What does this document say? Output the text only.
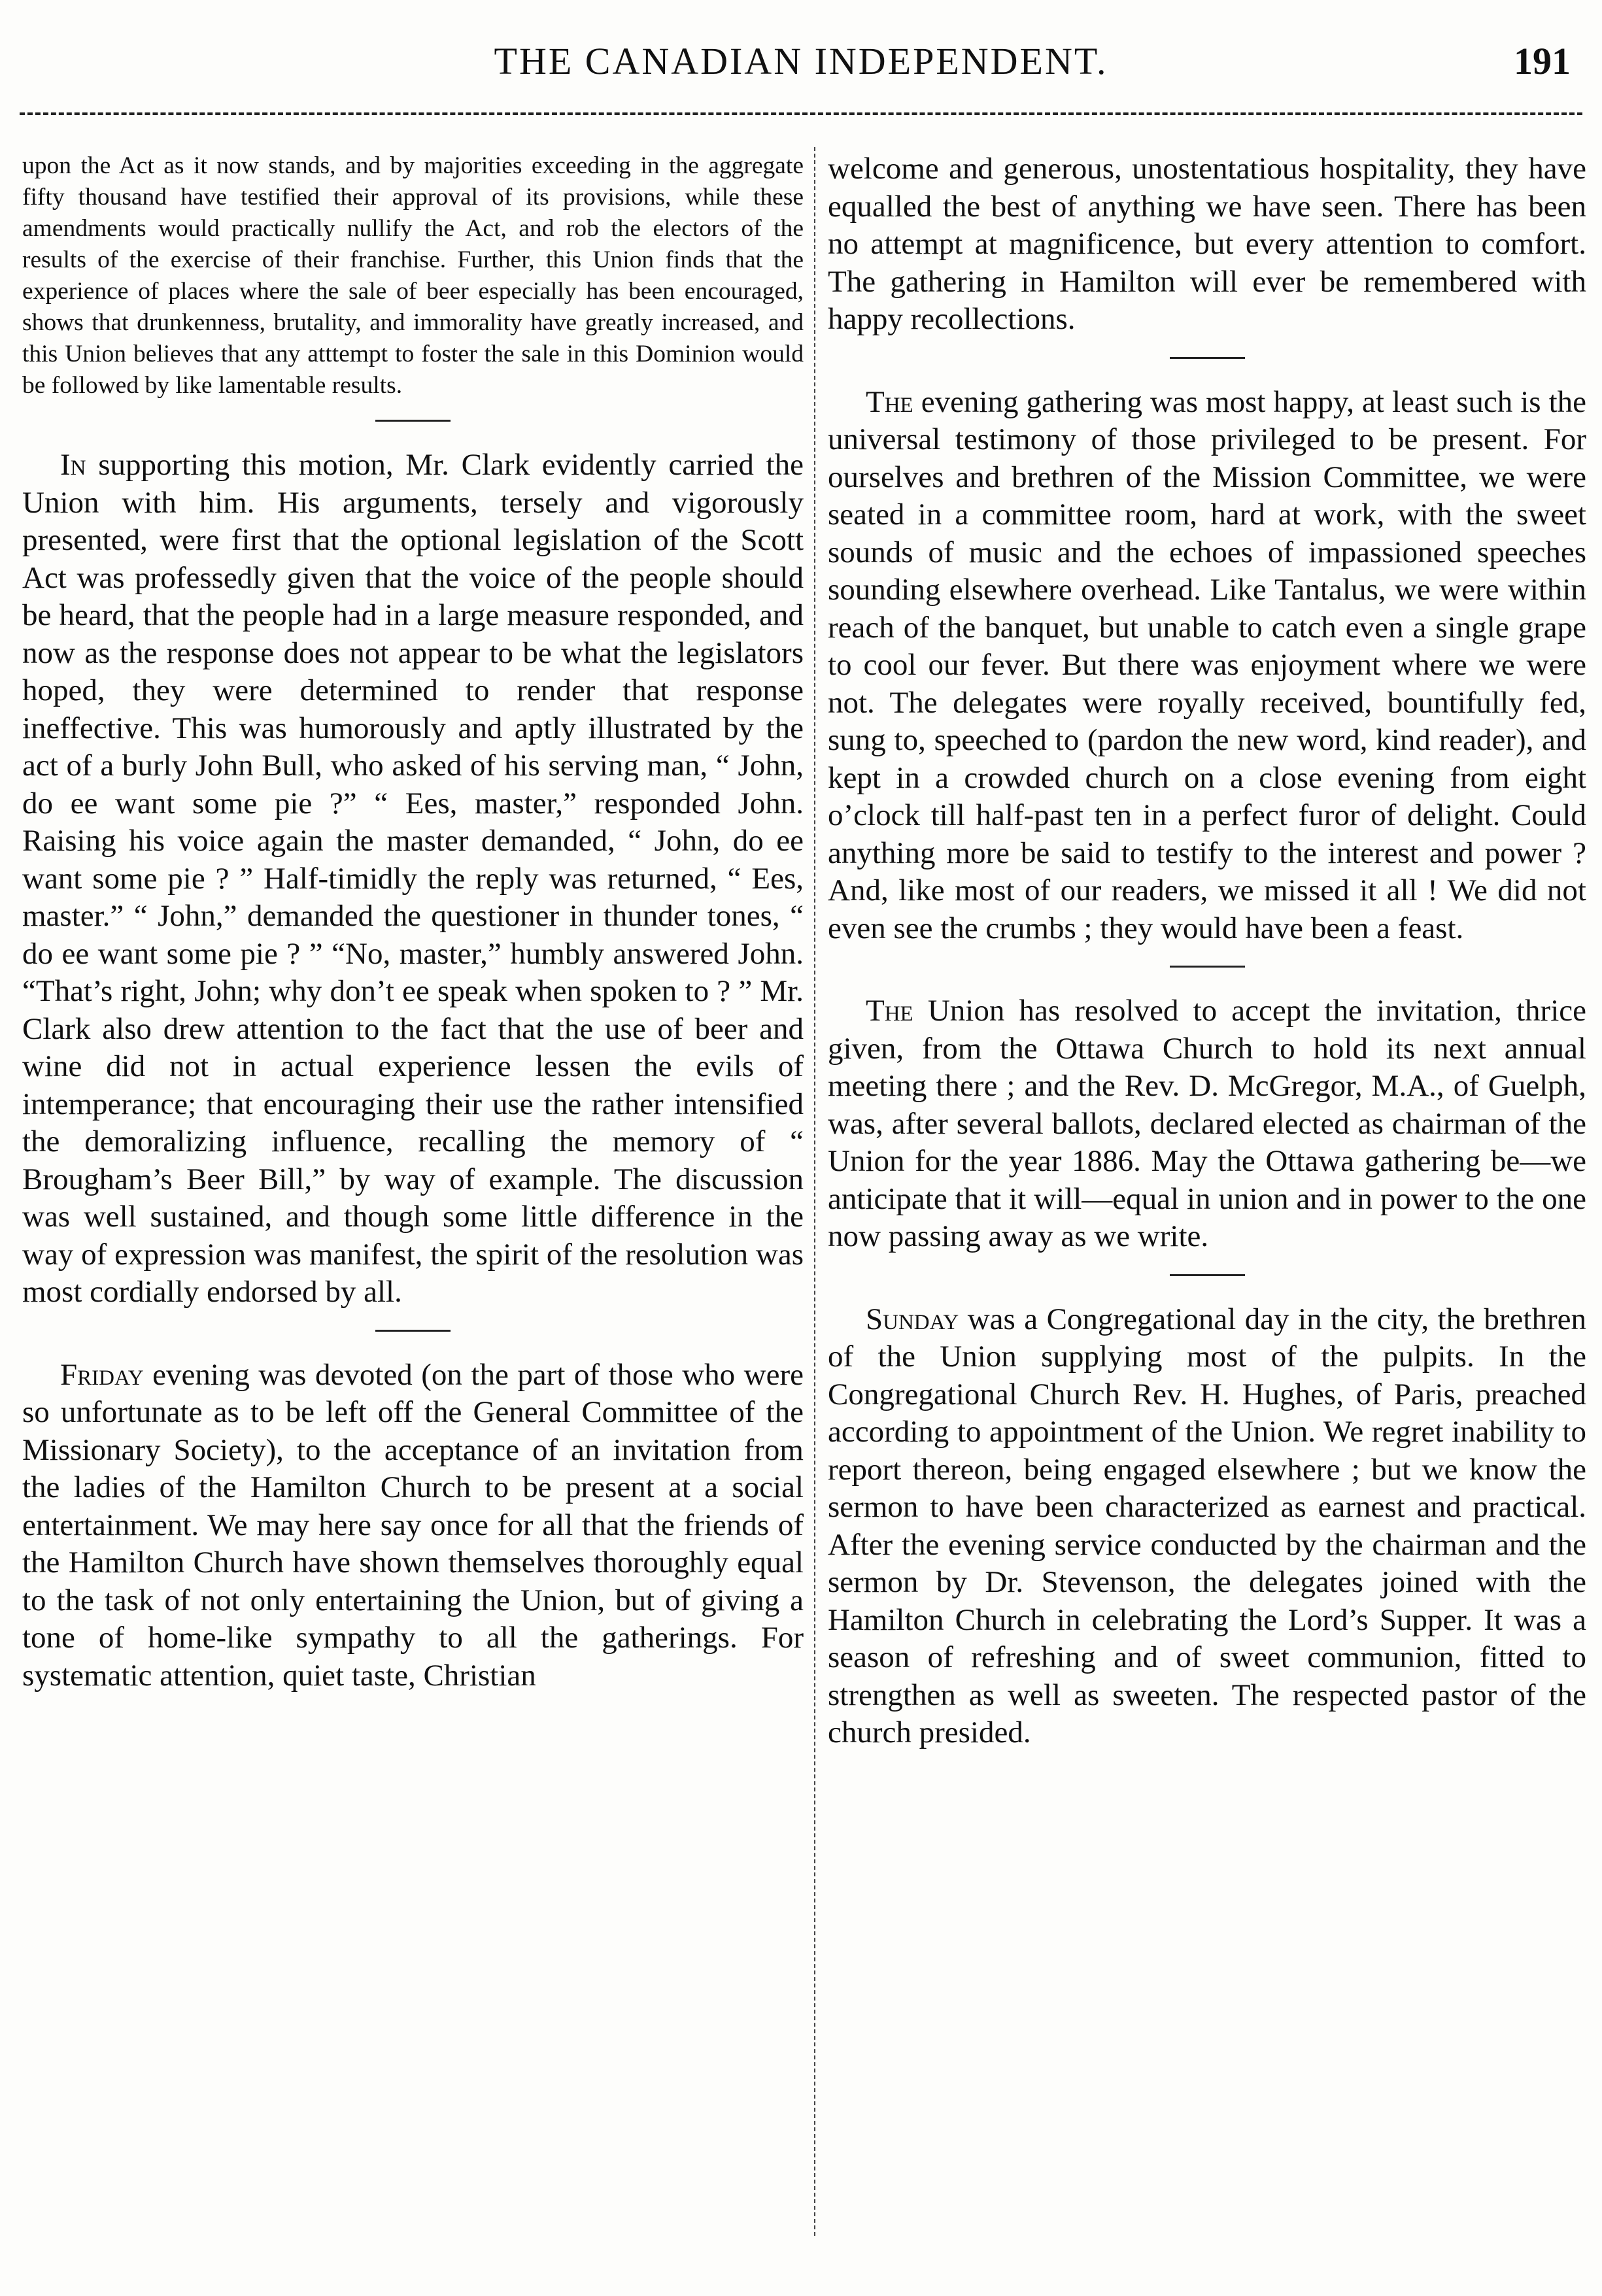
THE CANADIAN INDEPENDENT.	191

upon the Act as it now stands, and by majorities exceeding in the aggregate fifty thousand have testified their approval of its provisions, while these amendments would practically nullify the Act, and rob the electors of the results of the exercise of their franchise. Further, this Union finds that the experience of places where the sale of beer especially has been encouraged, shows that drunkenness, brutality, and immorality have greatly increased, and this Union believes that any atttempt to foster the sale in this Dominion would be followed by like lamentable results.

In supporting this motion, Mr. Clark evidently carried the Union with him. His arguments, tersely and vigorously presented, were first that the optional legislation of the Scott Act was professedly given that the voice of the people should be heard, that the people had in a large measure responded, and now as the response does not appear to be what the legislators hoped, they were determined to render that response ineffective. This was humorously and aptly illustrated by the act of a burly John Bull, who asked of his serving man, “ John, do ee want some pie ?” “ Ees, master,” responded John. Raising his voice again the master demanded, “ John, do ee want some pie ? ” Half-timidly the reply was returned, “ Ees, master.” “ John,” demanded the questioner in thunder tones, “ do ee want some pie ? ” “No, master,” humbly answered John. “That’s right, John; why don’t ee speak when spoken to ? ” Mr. Clark also drew attention to the fact that the use of beer and wine did not in actual experience lessen the evils of intemperance; that encouraging their use the rather intensified the demoralizing influence, recalling the memory of “ Brougham’s Beer Bill,” by way of example. The discussion was well sustained, and though some little difference in the way of expression was manifest, the spirit of the resolution was most cordially endorsed by all.

Friday evening was devoted (on the part of those who were so unfortunate as to be left off the General Committee of the Missionary Society), to the acceptance of an invitation from the ladies of the Hamilton Church to be present at a social entertainment. We may here say once for all that the friends of the Hamilton Church have shown themselves thoroughly equal to the task of not only entertaining the Union, but of giving a tone of home-like sympathy to all the gatherings. For systematic attention, quiet taste, Christian

welcome and generous, unostentatious hospitality, they have equalled the best of anything we have seen. There has been no attempt at magnificence, but every attention to comfort. The gathering in Hamilton will ever be remembered with happy recollections.

The evening gathering was most happy, at least such is the universal testimony of those privileged to be present. For ourselves and brethren of the Mission Committee, we were seated in a committee room, hard at work, with the sweet sounds of music and the echoes of impassioned speeches sounding elsewhere overhead. Like Tantalus, we were within reach of the banquet, but unable to catch even a single grape to cool our fever. But there was enjoyment where we were not. The delegates were royally received, bountifully fed, sung to, speeched to (pardon the new word, kind reader), and kept in a crowded church on a close evening from eight o’clock till half-past ten in a perfect furor of delight. Could anything more be said to testify to the interest and power ? And, like most of our readers, we missed it all ! We did not even see the crumbs ; they would have been a feast.

The Union has resolved to accept the invitation, thrice given, from the Ottawa Church to hold its next annual meeting there ; and the Rev. D. McGregor, M.A., of Guelph, was, after several ballots, declared elected as chairman of the Union for the year 1886. May the Ottawa gathering be—we anticipate that it will—equal in union and in power to the one now passing away as we write.

Sunday was a Congregational day in the city, the brethren of the Union supplying most of the pulpits. In the Congregational Church Rev. H. Hughes, of Paris, preached according to appointment of the Union. We regret inability to report thereon, being engaged elsewhere ; but we know the sermon to have been characterized as earnest and practical. After the evening service conducted by the chairman and the sermon by Dr. Stevenson, the delegates joined with the Hamilton Church in celebrating the Lord’s Supper. It was a season of refreshing and of sweet communion, fitted to strengthen as well as sweeten. The respected pastor of the church presided.
